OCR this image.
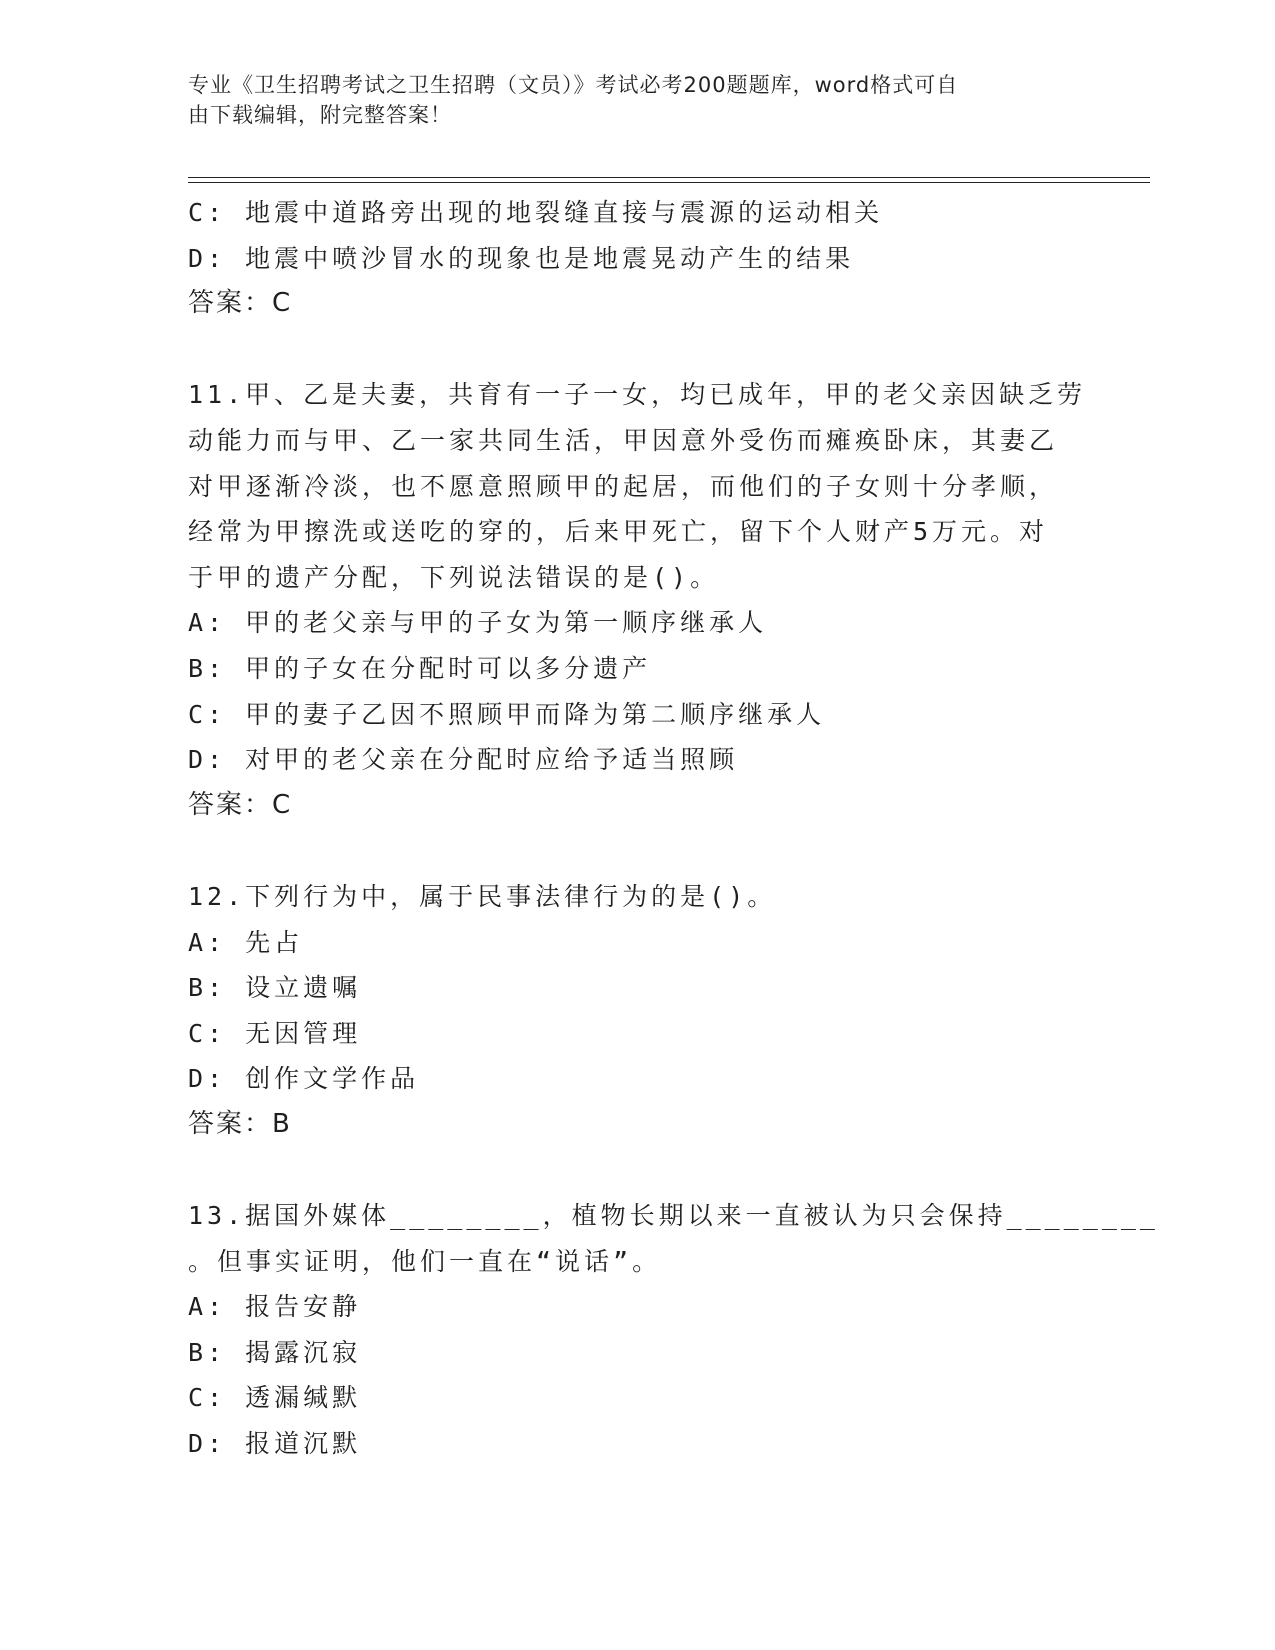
专业《卫生招聘考试之卫生招聘（文员）》考试必考200题题库，word格式可自
由下载编辑，附完整答案！
C: 地震中道路旁出现的地裂缝直接与震源的运动相关
D: 地震中喷沙冒水的现象也是地震晃动产生的结果
答案：C
11.甲、乙是夫妻，共育有一子一女，均已成年，甲的老父亲因缺乏劳
动能力而与甲、乙一家共同生活，甲因意外受伤而瘫痪卧床，其妻乙
对甲逐渐冷淡，也不愿意照顾甲的起居，而他们的子女则十分孝顺，
经常为甲擦洗或送吃的穿的，后来甲死亡，留下个人财产5万元。对
于甲的遗产分配，下列说法错误的是()。
A: 甲的老父亲与甲的子女为第一顺序继承人
B: 甲的子女在分配时可以多分遗产
C: 甲的妻子乙因不照顾甲而降为第二顺序继承人
D: 对甲的老父亲在分配时应给予适当照顾
答案：C
12.下列行为中，属于民事法律行为的是()。
A: 先占
B: 设立遗嘱
C: 无因管理
D: 创作文学作品
答案：B
13.据国外媒体________，植物长期以来一直被认为只会保持________
。但事实证明，他们一直在“说话”。
A: 报告安静
B: 揭露沉寂
C: 透漏缄默
D: 报道沉默
